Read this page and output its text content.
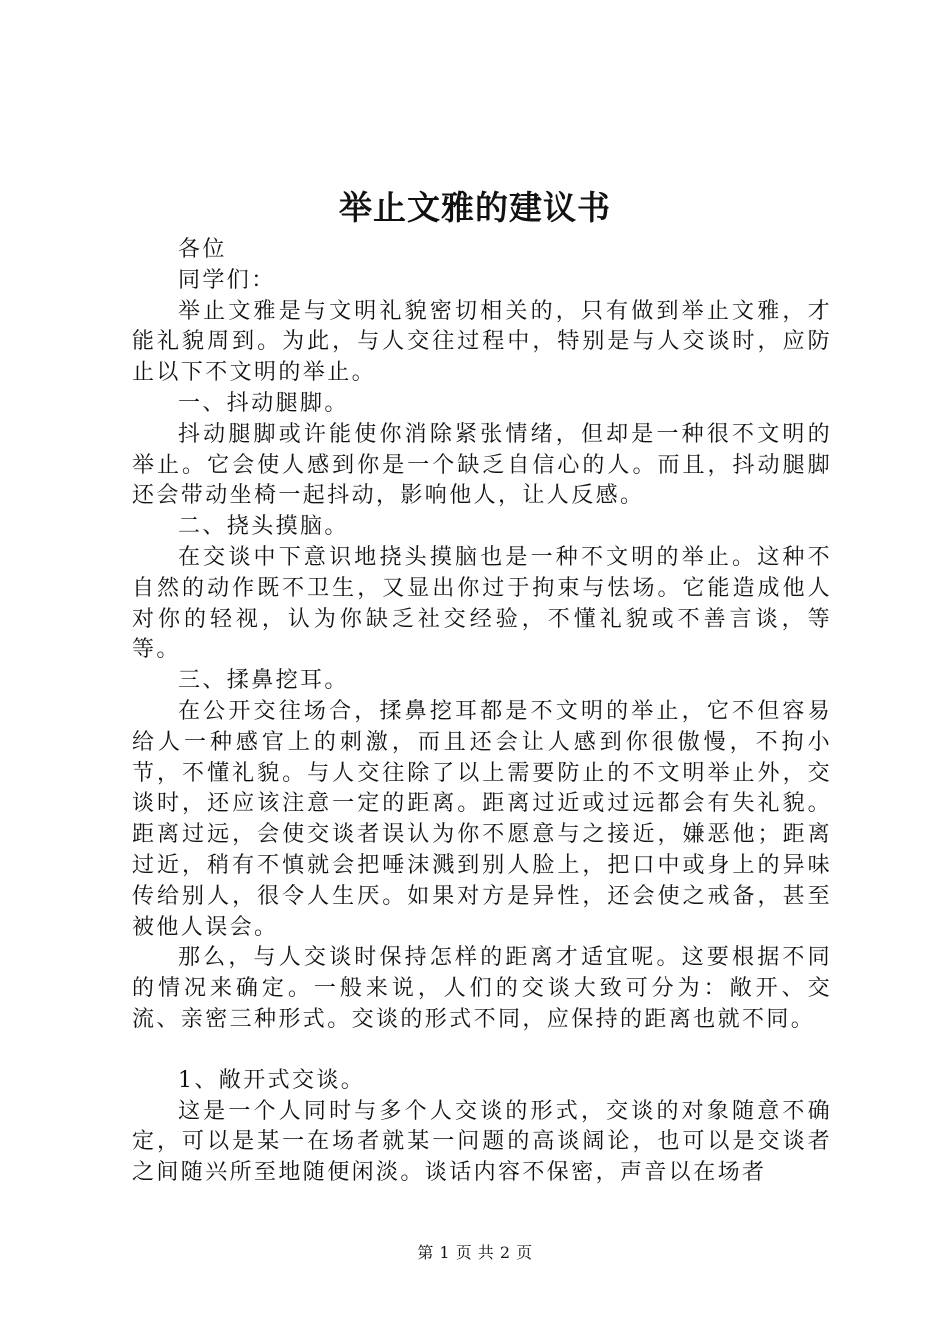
举止文雅的建议书

各位

同学们：

举止文雅是与文明礼貌密切相关的，只有做到举止文雅，才能礼貌周到。为此，与人交往过程中，特别是与人交谈时，应防止以下不文明的举止。

一、抖动腿脚。

抖动腿脚或许能使你消除紧张情绪，但却是一种很不文明的举止。它会使人感到你是一个缺乏自信心的人。而且，抖动腿脚还会带动坐椅一起抖动，影响他人，让人反感。

二、挠头摸脑。

在交谈中下意识地挠头摸脑也是一种不文明的举止。这种不自然的动作既不卫生，又显出你过于拘束与怯场。它能造成他人对你的轻视，认为你缺乏社交经验，不懂礼貌或不善言谈，等等。

三、揉鼻挖耳。

在公开交往场合，揉鼻挖耳都是不文明的举止，它不但容易给人一种感官上的刺激，而且还会让人感到你很傲慢，不拘小节，不懂礼貌。与人交往除了以上需要防止的不文明举止外，交谈时，还应该注意一定的距离。距离过近或过远都会有失礼貌。距离过远，会使交谈者误认为你不愿意与之接近，嫌恶他；距离过近，稍有不慎就会把唾沫溅到别人脸上，把口中或身上的异味传给别人，很令人生厌。如果对方是异性，还会使之戒备，甚至被他人误会。

那么，与人交谈时保持怎样的距离才适宜呢。这要根据不同的情况来确定。一般来说，人们的交谈大致可分为：敞开、交流、亲密三种形式。交谈的形式不同，应保持的距离也就不同。

1、敞开式交谈。

这是一个人同时与多个人交谈的形式，交谈的对象随意不确定，可以是某一在场者就某一问题的高谈阔论，也可以是交谈者之间随兴所至地随便闲淡。谈话内容不保密，声音以在场者

第 1 页 共 2 页
